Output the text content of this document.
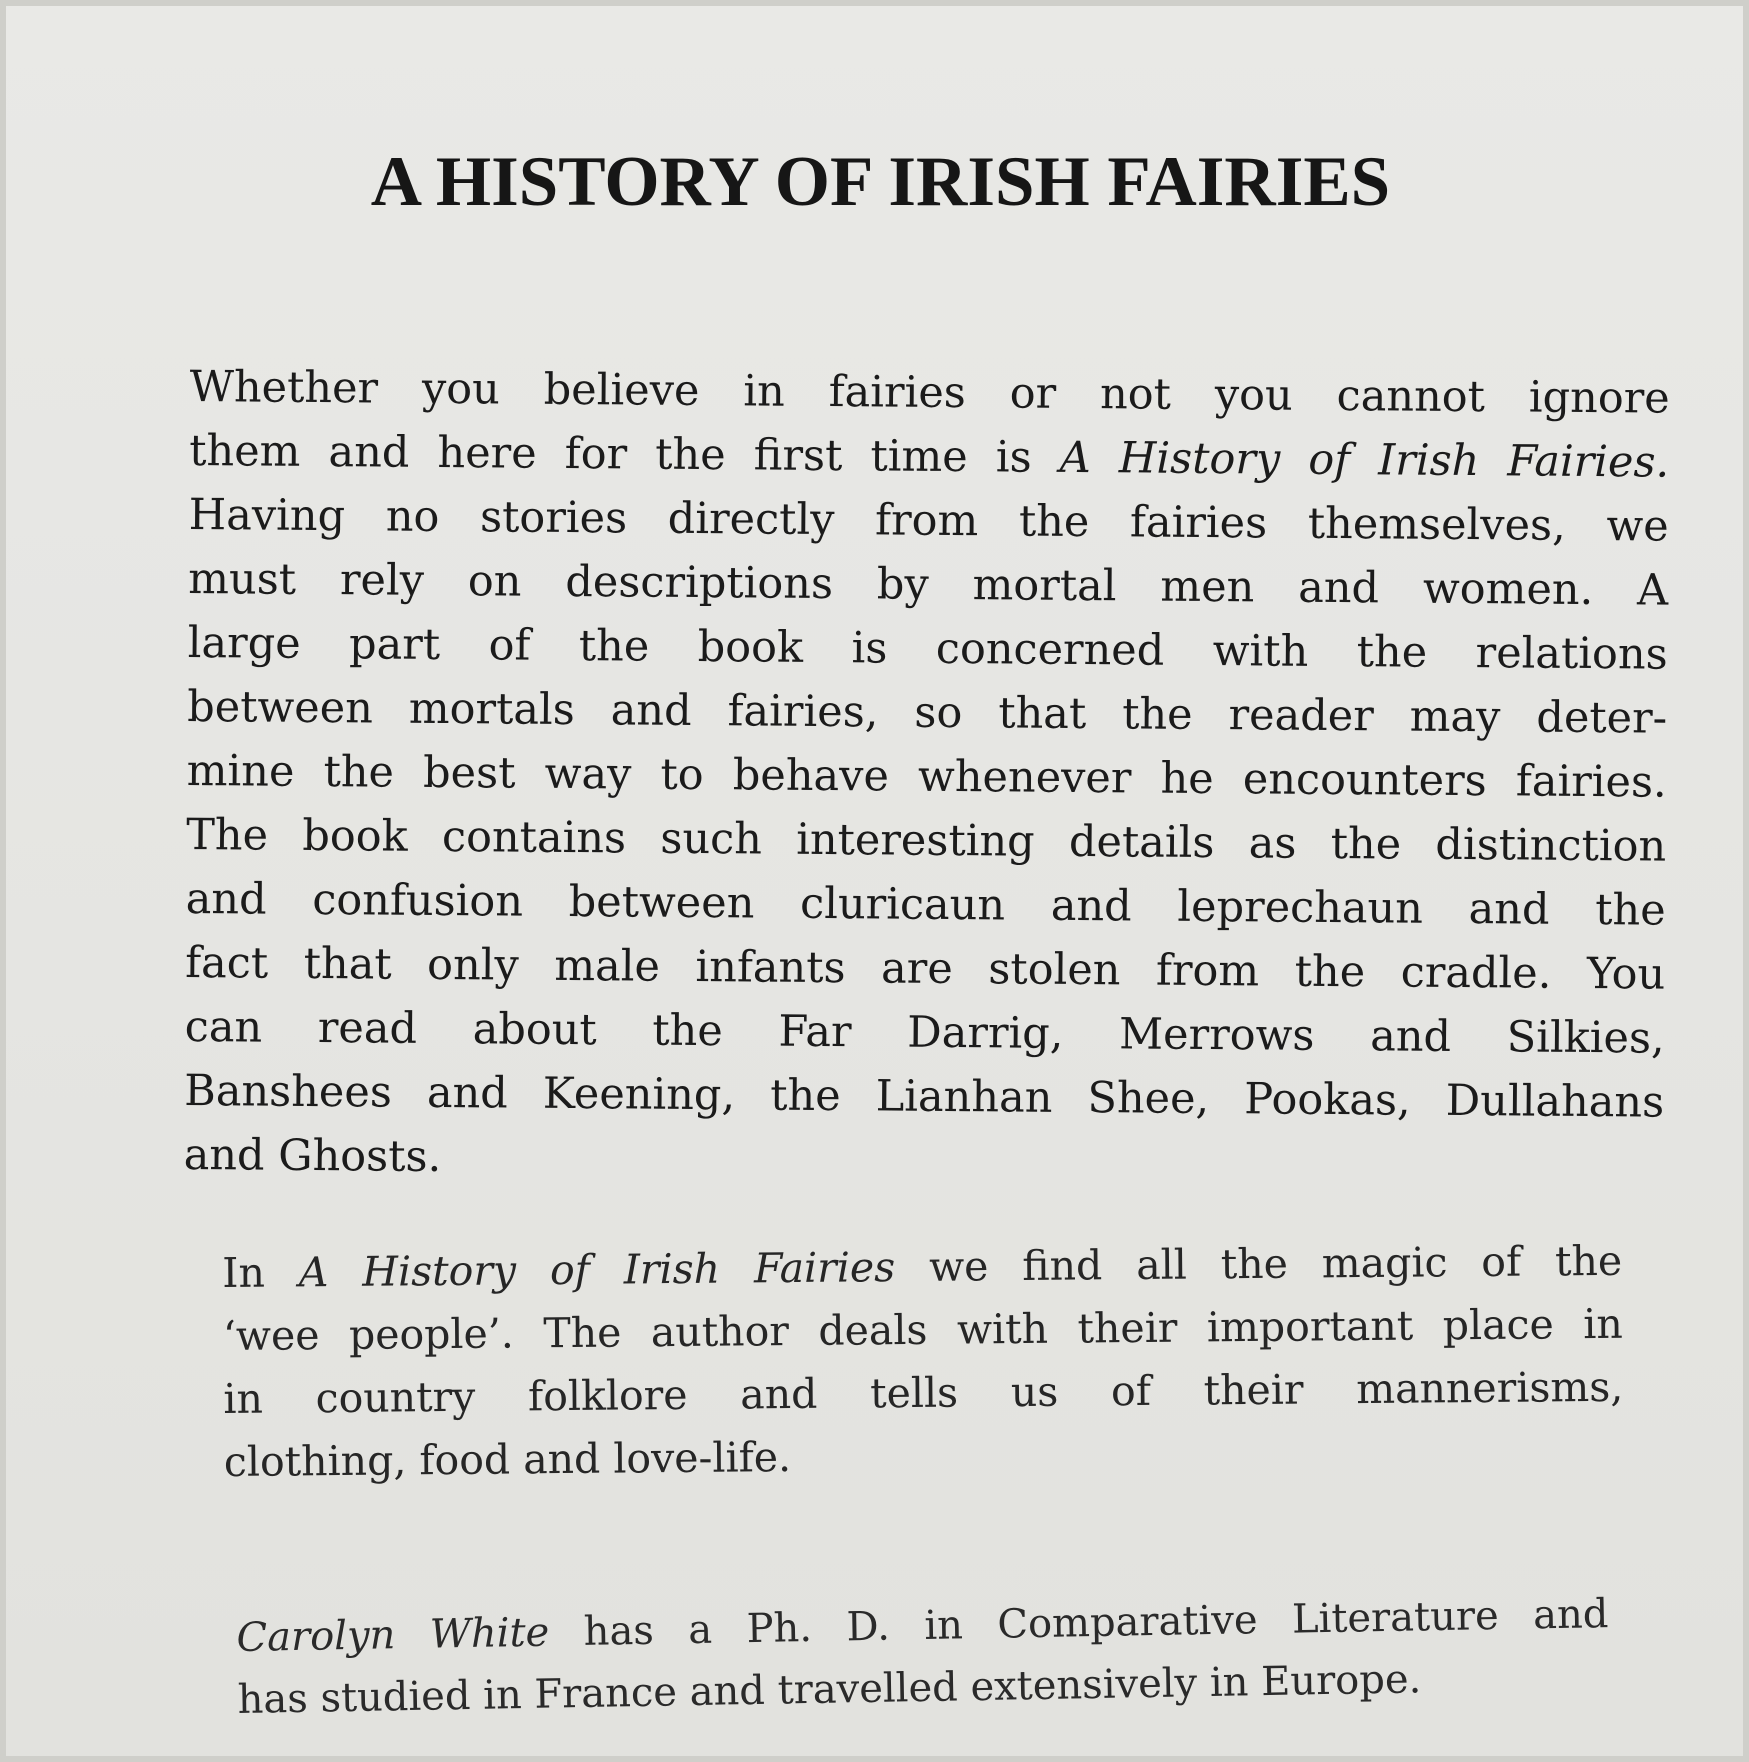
A HISTORY OF IRISH FAIRIES
Whether you believe in fairies or not you cannot ignore
them and here for the first time is A History of Irish Fairies.
Having no stories directly from the fairies themselves, we
must rely on descriptions by mortal men and women. A
large part of the book is concerned with the relations
between mortals and fairies, so that the reader may deter-
mine the best way to behave whenever he encounters fairies.
The book contains such interesting details as the distinction
and confusion between cluricaun and leprechaun and the
fact that only male infants are stolen from the cradle. You
can read about the Far Darrig, Merrows and Silkies,
Banshees and Keening, the Lianhan Shee, Pookas, Dullahans
and Ghosts.
In A History of Irish Fairies we find all the magic of the
‘wee people’. The author deals with their important place in
in country folklore and tells us of their mannerisms,
clothing, food and love-life.
Carolyn White has a Ph. D. in Comparative Literature and
has studied in France and travelled extensively in Europe.
